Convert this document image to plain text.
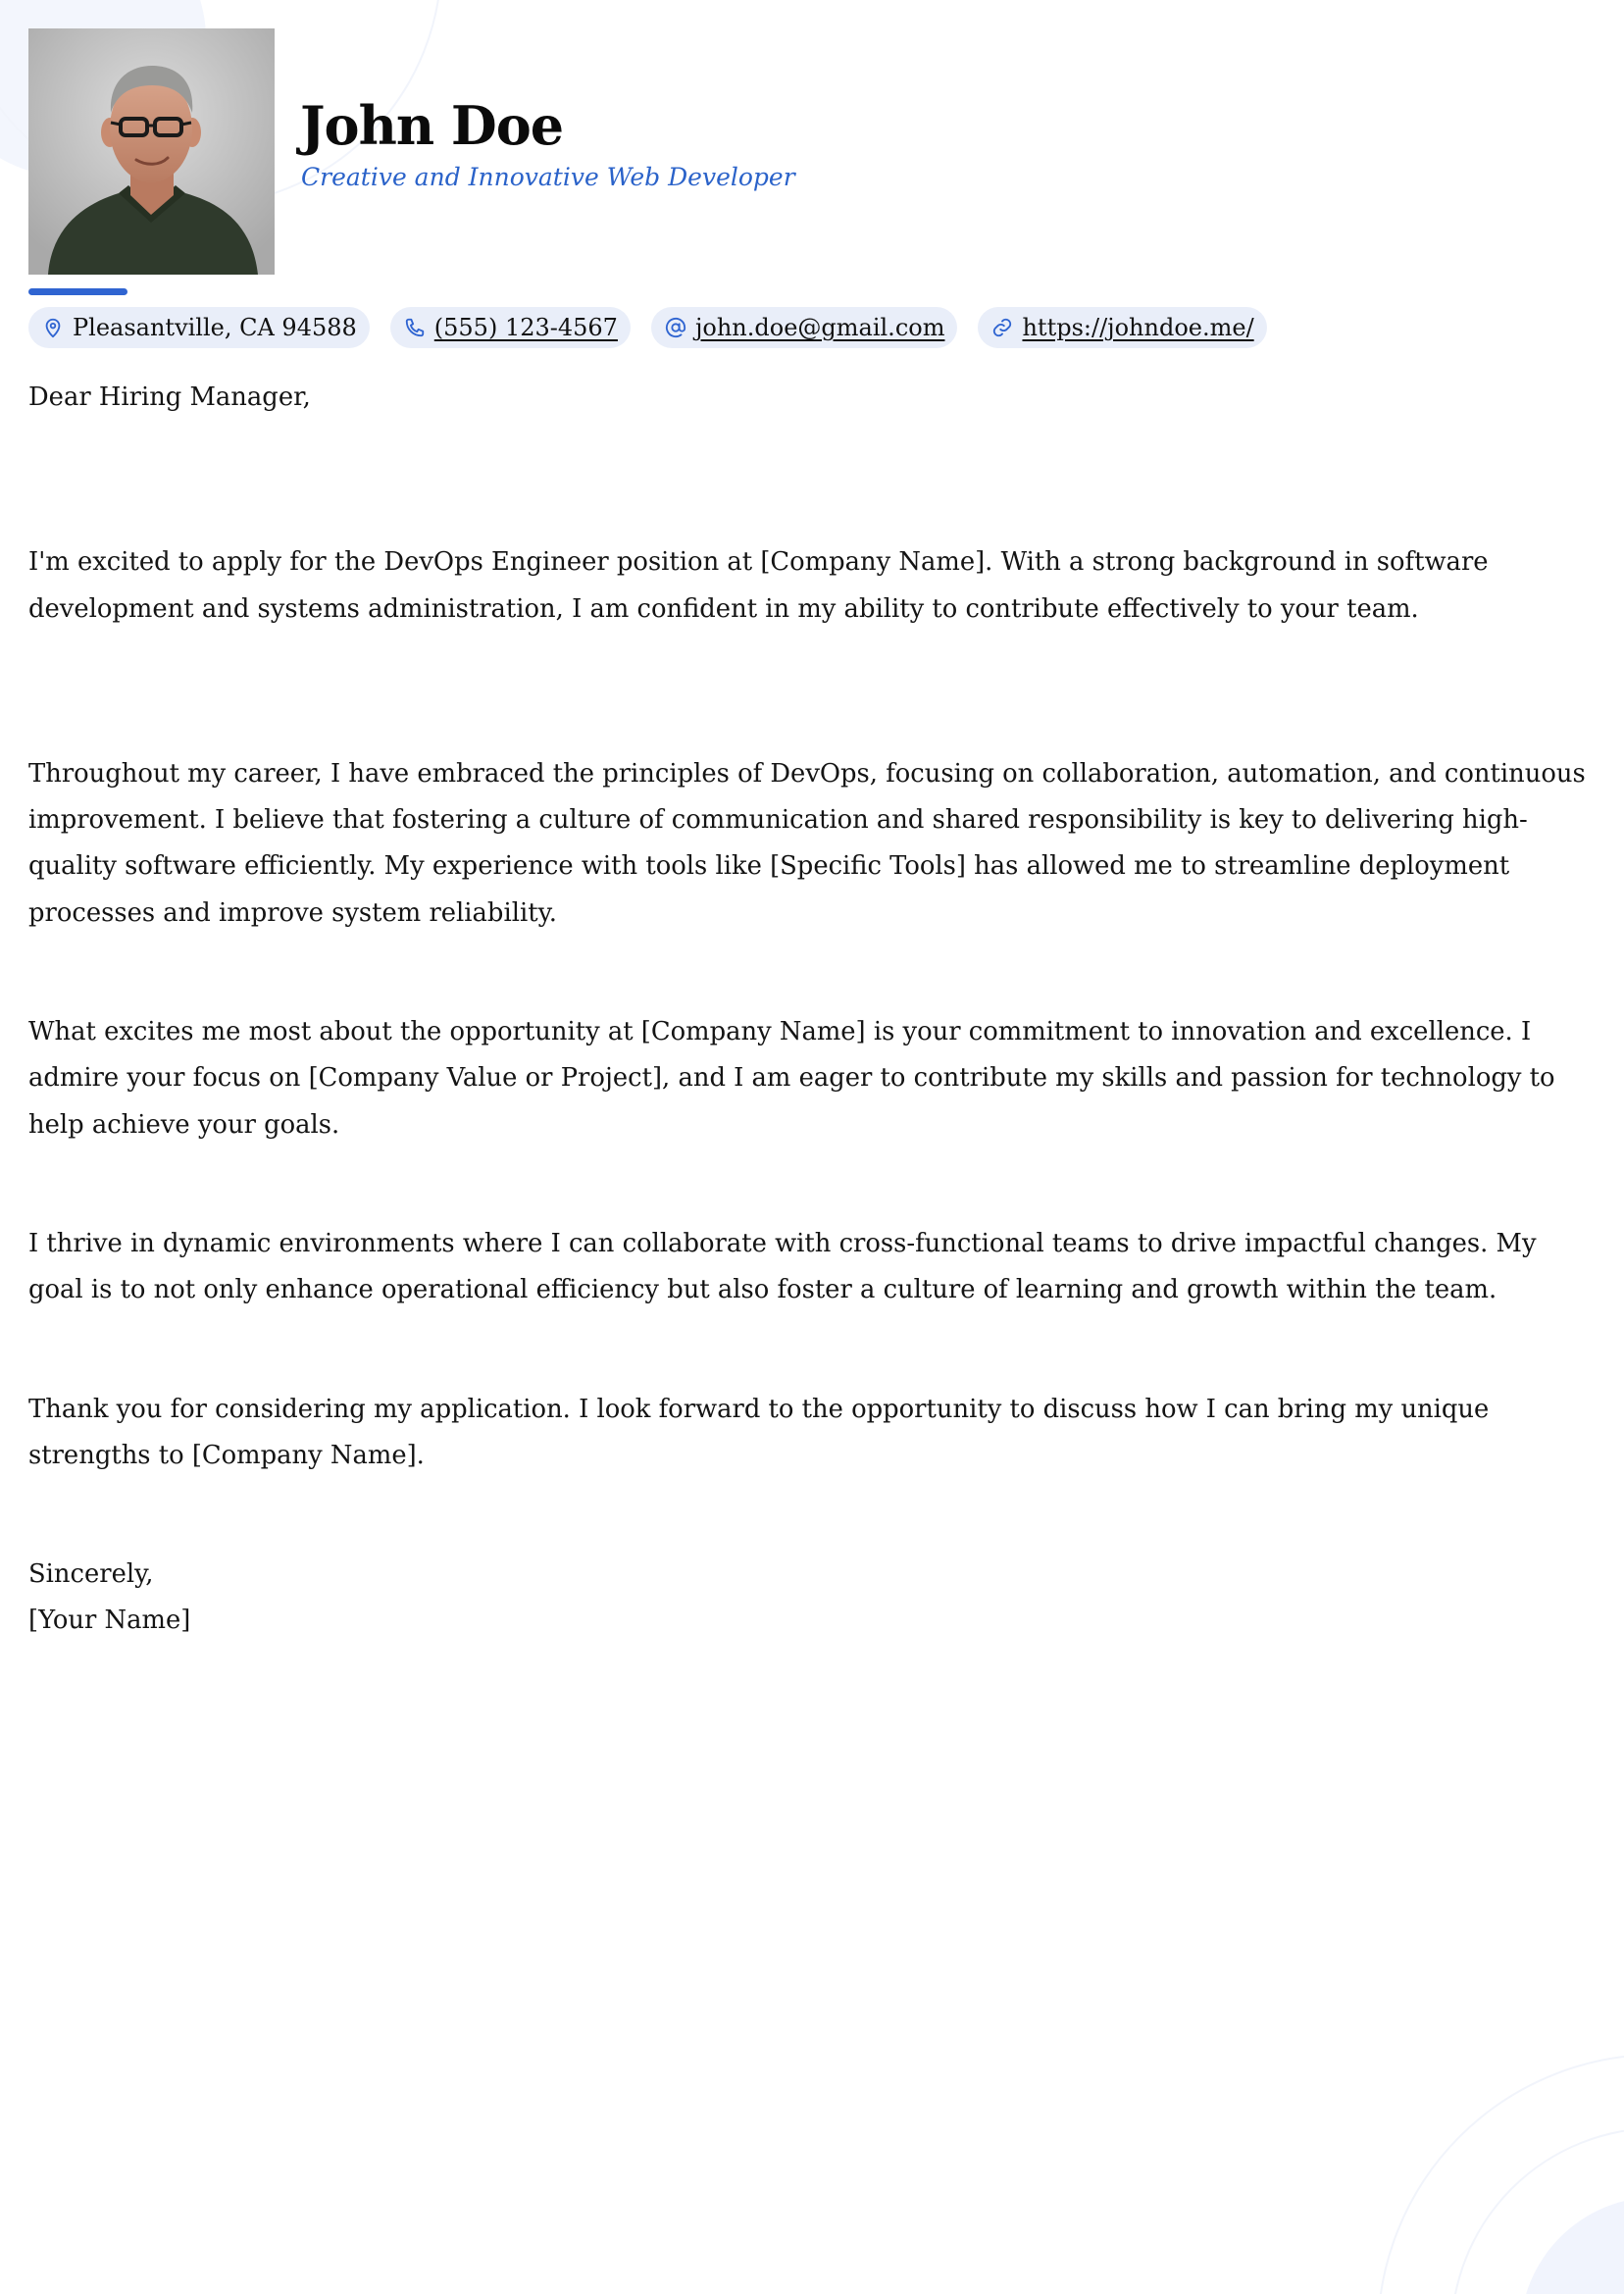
John Doe

Creative and Innovative Web Developer

Pleasantville, CA 94588	(555) 123-4567	john.doe@gmail.com	https://johndoe.me/

Dear Hiring Manager,

I'm excited to apply for the DevOps Engineer position at [Company Name]. With a strong background in software development and systems administration, I am confident in my ability to contribute effectively to your team.

Throughout my career, I have embraced the principles of DevOps, focusing on collaboration, automation, and continuous improvement. I believe that fostering a culture of communication and shared responsibility is key to delivering high-quality software efficiently. My experience with tools like [Specific Tools] has allowed me to streamline deployment processes and improve system reliability.

What excites me most about the opportunity at [Company Name] is your commitment to innovation and excellence. I admire your focus on [Company Value or Project], and I am eager to contribute my skills and passion for technology to help achieve your goals.

I thrive in dynamic environments where I can collaborate with cross-functional teams to drive impactful changes. My goal is to not only enhance operational efficiency but also foster a culture of learning and growth within the team.

Thank you for considering my application. I look forward to the opportunity to discuss how I can bring my unique strengths to [Company Name].

Sincerely,

[Your Name]
